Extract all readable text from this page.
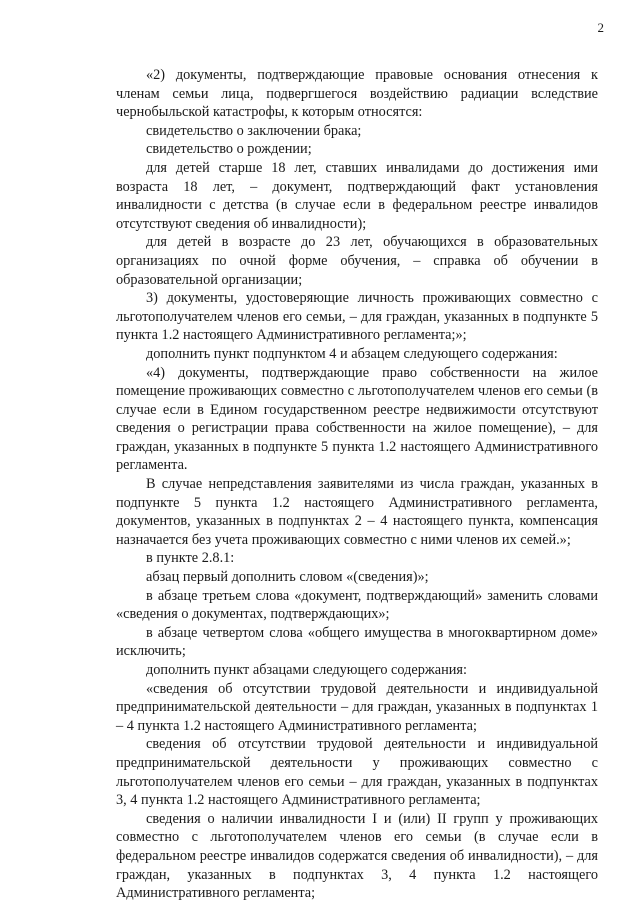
2

«2) документы, подтверждающие правовые основания отнесения к членам семьи лица, подвергшегося воздействию радиации вследствие чернобыльской катастрофы, к которым относятся:

свидетельство о заключении брака;

свидетельство о рождении;

для детей старше 18 лет, ставших инвалидами до достижения ими возраста 18 лет, – документ, подтверждающий факт установления инвалидности с детства (в случае если в федеральном реестре инвалидов отсутствуют сведения об инвалидности);

для детей в возрасте до 23 лет, обучающихся в образовательных организациях по очной форме обучения, – справка об обучении в образовательной организации;

3) документы, удостоверяющие личность проживающих совместно с льготополучателем членов его семьи, – для граждан, указанных в подпункте 5 пункта 1.2 настоящего Административного регламента;»;

дополнить пункт подпунктом 4 и абзацем следующего содержания:

«4) документы, подтверждающие право собственности на жилое помещение проживающих совместно с льготополучателем членов его семьи (в случае если в Едином государственном реестре недвижимости отсутствуют сведения о регистрации права собственности на жилое помещение), – для граждан, указанных в подпункте 5 пункта 1.2 настоящего Административного регламента.

В случае непредставления заявителями из числа граждан, указанных в подпункте 5 пункта 1.2 настоящего Административного регламента, документов, указанных в подпунктах 2 – 4 настоящего пункта, компенсация назначается без учета проживающих совместно с ними членов их семей.»;

в пункте 2.8.1:

абзац первый дополнить словом «(сведения)»;

в абзаце третьем слова «документ, подтверждающий» заменить словами «сведения о документах, подтверждающих»;

в абзаце четвертом слова «общего имущества в многоквартирном доме» исключить;

дополнить пункт абзацами следующего содержания:

«сведения об отсутствии трудовой деятельности и индивидуальной предпринимательской деятельности – для граждан, указанных в подпунктах 1 – 4 пункта 1.2 настоящего Административного регламента;

сведения об отсутствии трудовой деятельности и индивидуальной предпринимательской деятельности у проживающих совместно с льготополучателем членов его семьи – для граждан, указанных в подпунктах 3, 4 пункта 1.2 настоящего Административного регламента;

сведения о наличии инвалидности I и (или) II групп у проживающих совместно с льготополучателем членов его семьи (в случае если в федеральном реестре инвалидов содержатся сведения об инвалидности), – для граждан, указанных в подпунктах 3, 4 пункта 1.2 настоящего Административного регламента;
